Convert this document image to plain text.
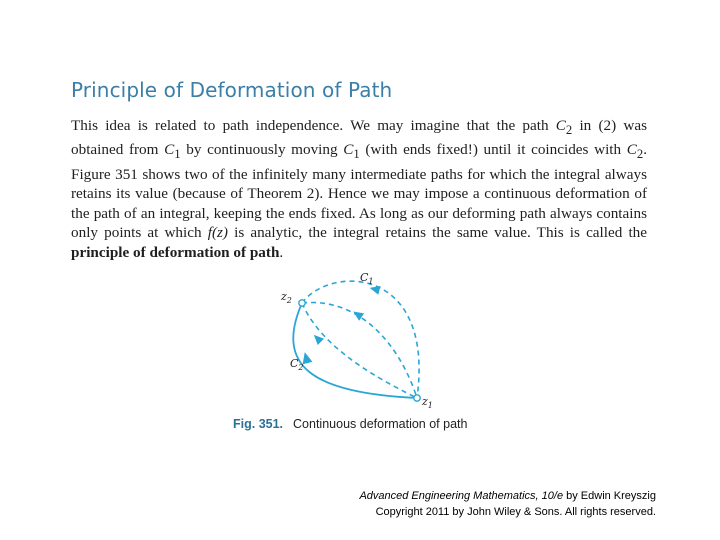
Principle of Deformation of Path
This idea is related to path independence. We may imagine that the path $C_2$ in (2) was obtained from $C_1$ by continuously moving $C_1$ (with ends fixed!) until it coincides with $C_2$. Figure 351 shows two of the infinitely many intermediate paths for which the integral always retains its value (because of Theorem 2). Hence we may impose a continuous deformation of the path of an integral, keeping the ends fixed. As long as our deforming path always contains only points at which f(z) is analytic, the integral retains the same value. This is called the principle of deformation of path.
$C_1$
$z_2$
$C_2$
$z_1$
Fig. 351. Continuous deformation of path
Advanced Engineering Mathematics, 10/e by Edwin Kreyszig
Copyright 2011 by John Wiley & Sons. All rights reserved.
